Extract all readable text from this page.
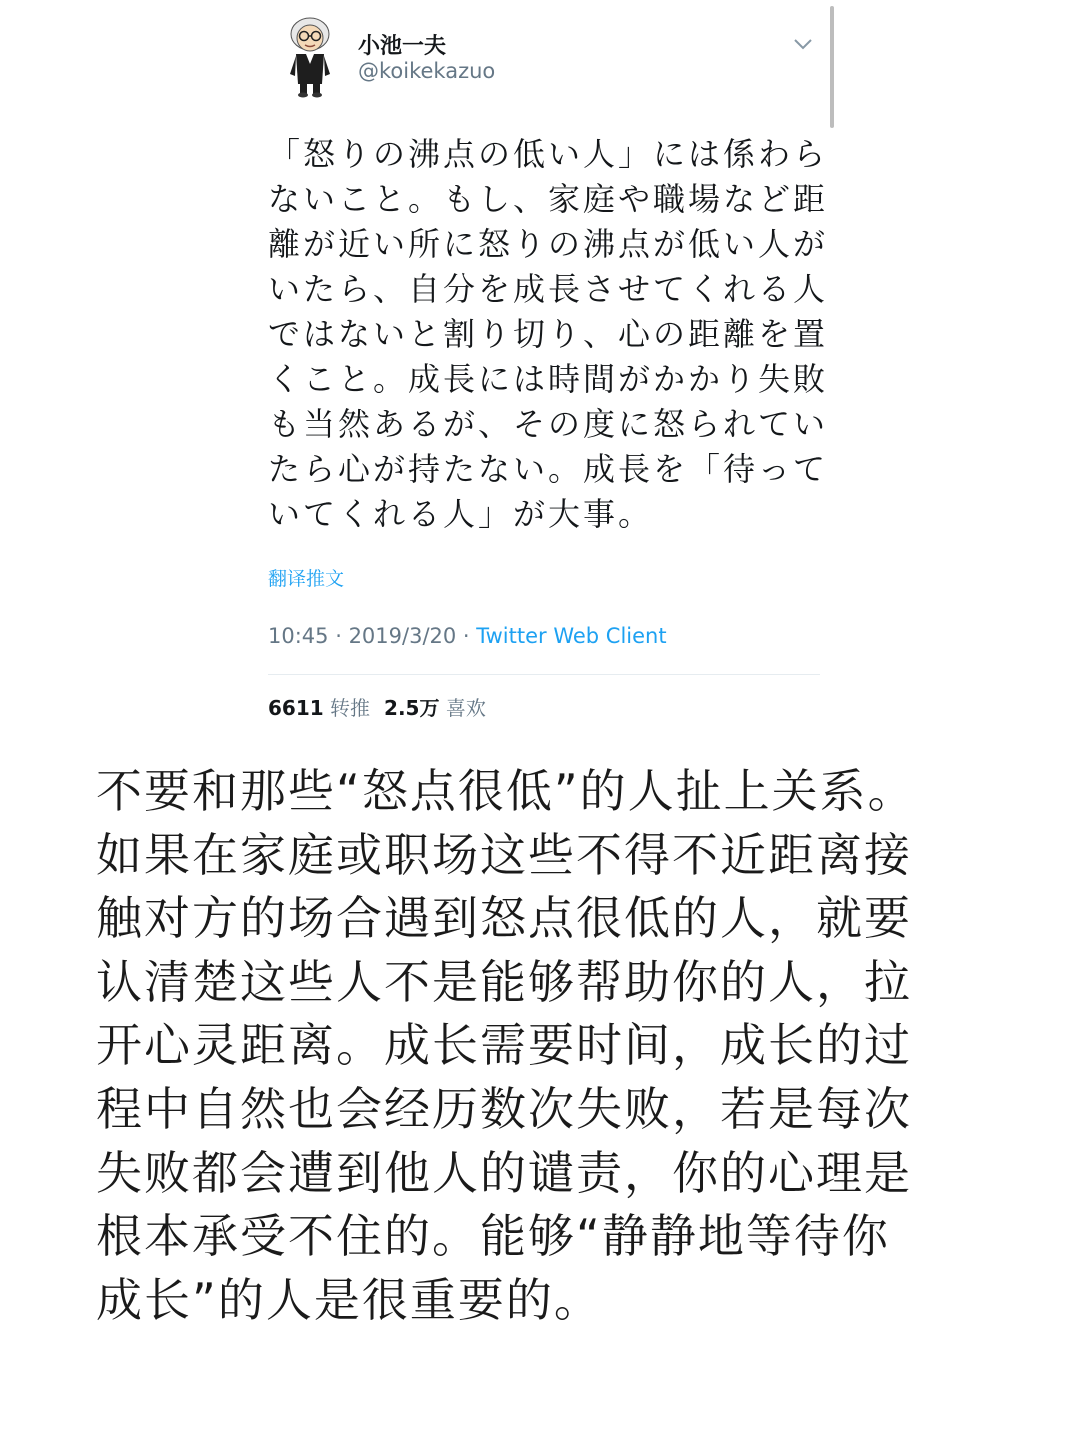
小池一夫
@koikekazuo
「怒りの沸点の低い人」には係わら
ないこと。もし、家庭や職場など距
離が近い所に怒りの沸点が低い人が
いたら、自分を成長させてくれる人
ではないと割り切り、心の距離を置
くこと。成長には時間がかかり失敗
も当然あるが、その度に怒られてい
たら心が持たない。成長を「待って
いてくれる人」が大事。
翻译推文
10:45 · 2019/3/20 · Twitter Web Client
6611 转推 2.5万 喜欢
不要和那些“怒点很低”的人扯上关系。
如果在家庭或职场这些不得不近距离接
触对方的场合遇到怒点很低的人，就要
认清楚这些人不是能够帮助你的人，拉
开心灵距离。成长需要时间，成长的过
程中自然也会经历数次失败，若是每次
失败都会遭到他人的谴责，你的心理是
根本承受不住的。能够“静静地等待你
成长”的人是很重要的。
